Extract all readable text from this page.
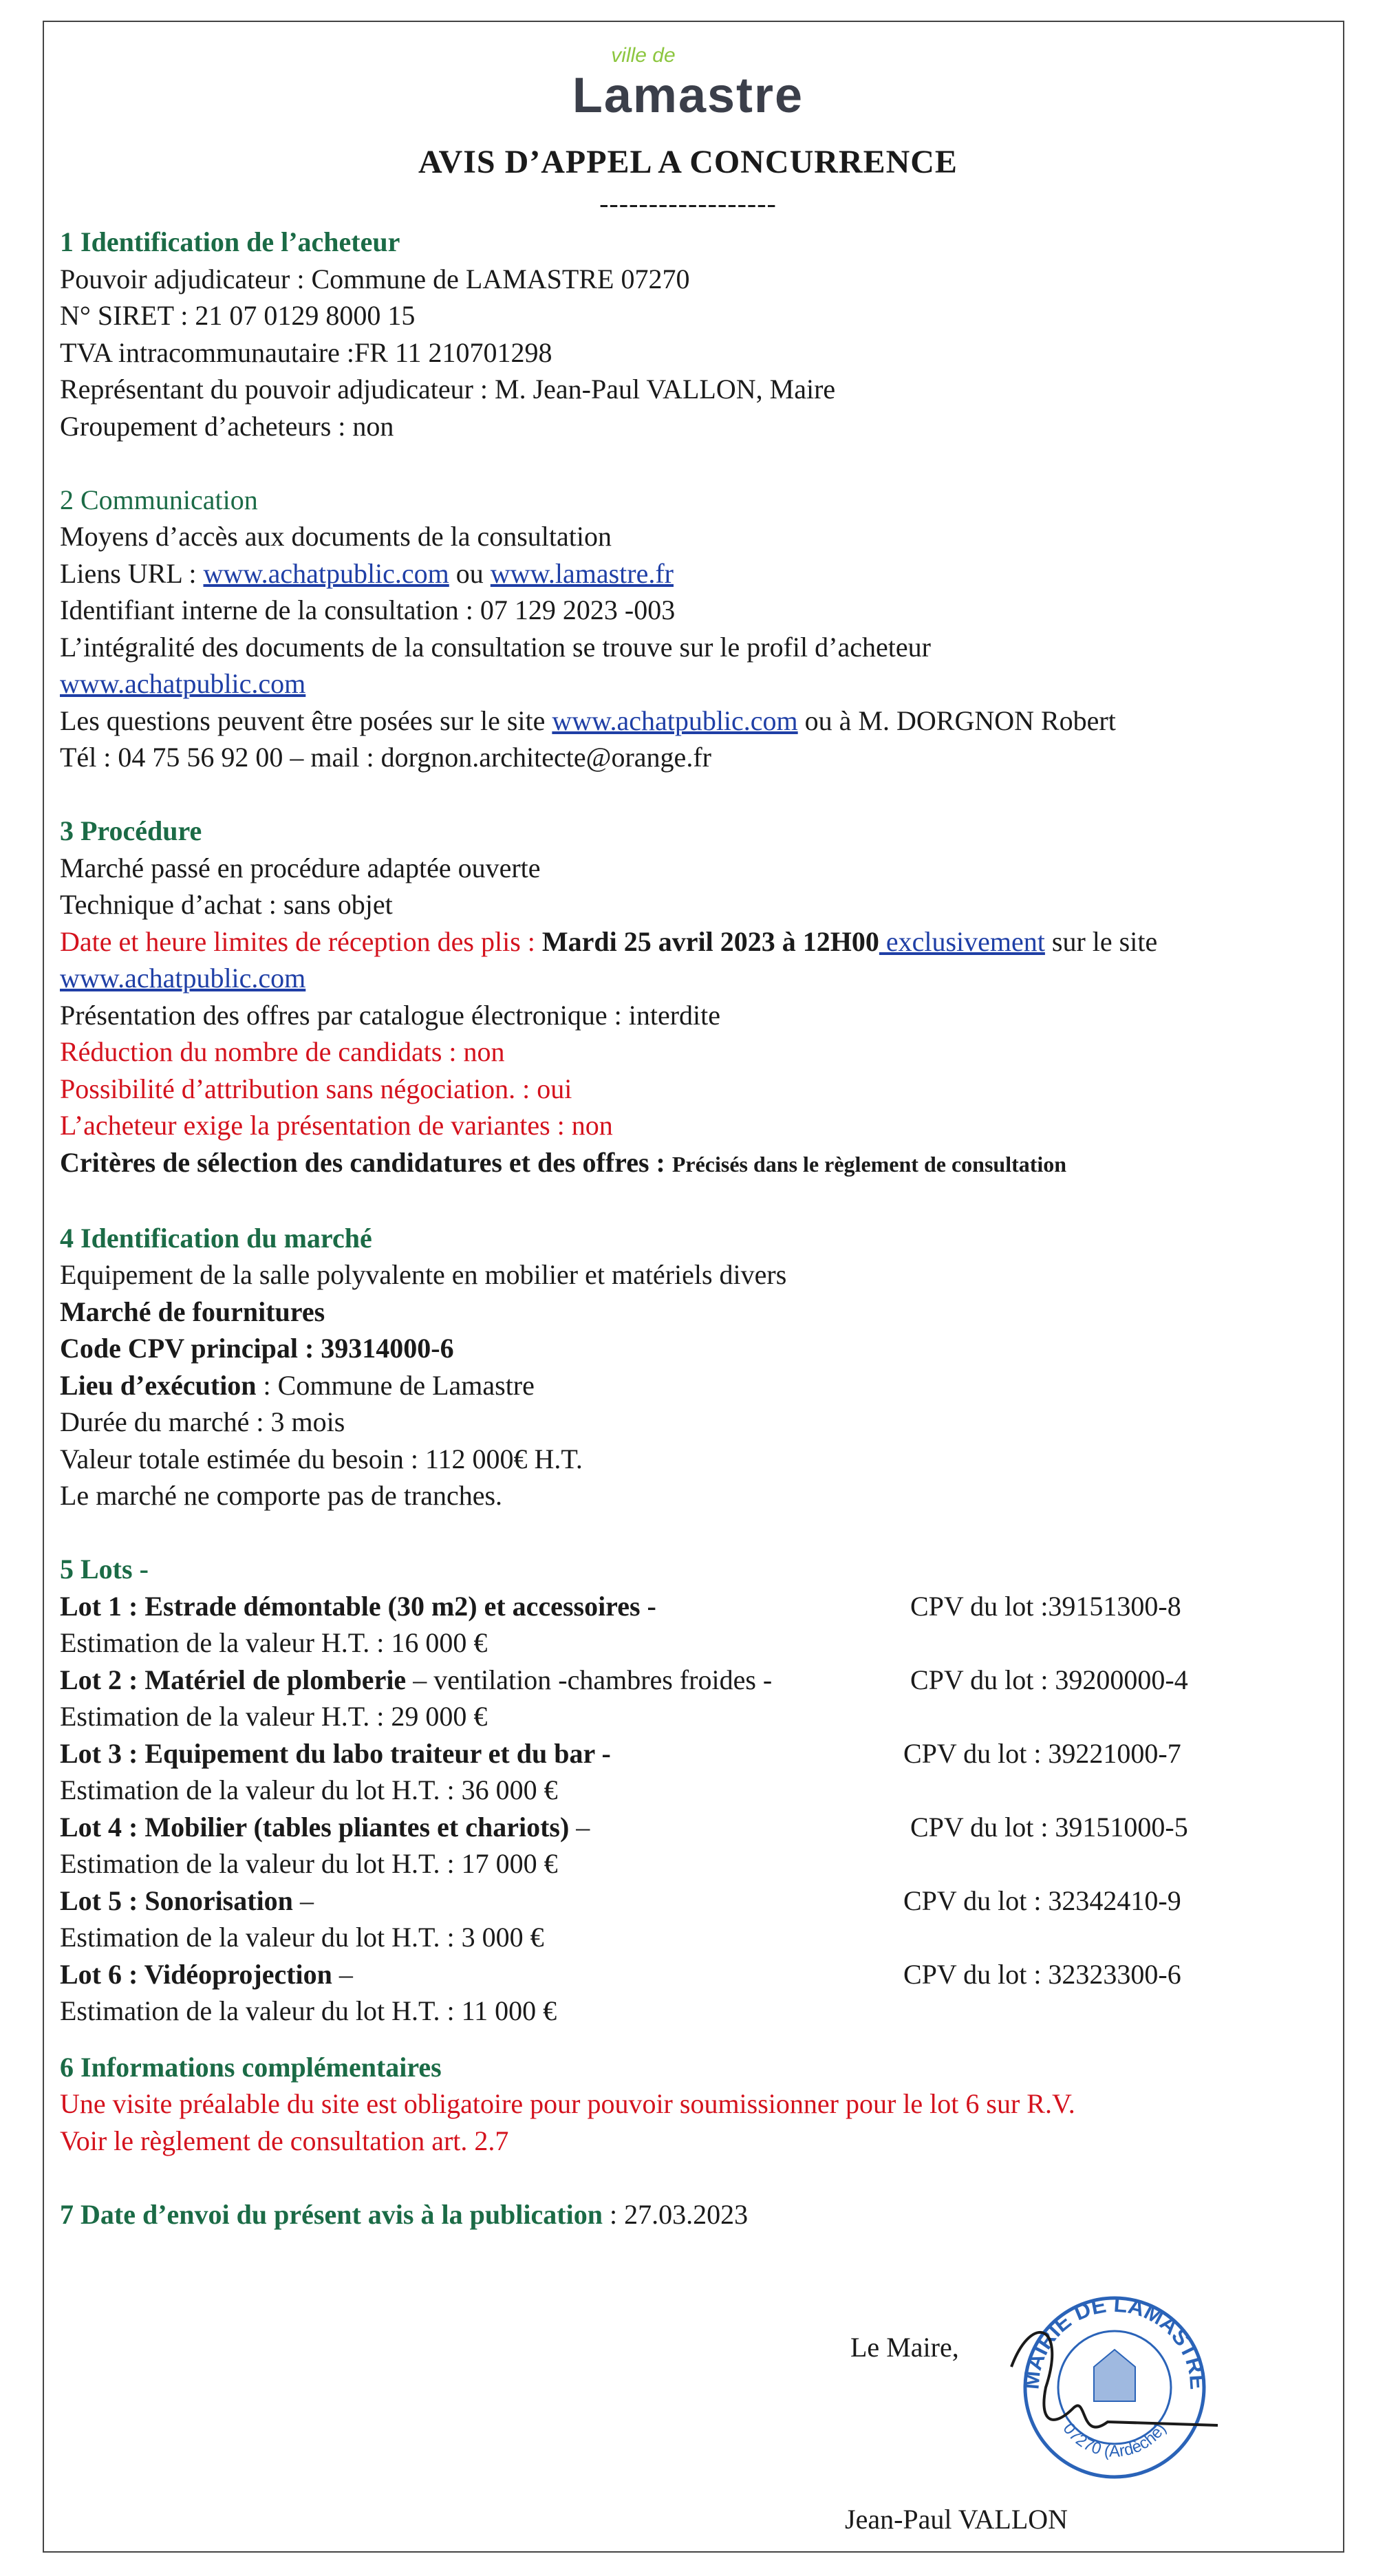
ville de
Lamastre
AVIS D’APPEL A CONCURRENCE
------------------
1 Identification de l’acheteur
Pouvoir adjudicateur : Commune de LAMASTRE 07270
N° SIRET : 21 07 0129 8000 15
TVA intracommunautaire :FR 11 210701298
Représentant du pouvoir adjudicateur : M. Jean-Paul VALLON, Maire
Groupement d’acheteurs : non
2 Communication
Moyens d’accès aux documents de la consultation
Liens URL : www.achatpublic.com ou www.lamastre.fr
Identifiant interne de la consultation : 07 129 2023 -003
L’intégralité des documents de la consultation se trouve sur le profil d’acheteur
www.achatpublic.com
Les questions peuvent être posées sur le site www.achatpublic.com ou à M. DORGNON Robert
Tél : 04 75 56 92 00 – mail : dorgnon.architecte@orange.fr
3 Procédure
Marché passé en procédure adaptée ouverte
Technique d’achat : sans objet
Date et heure limites de réception des plis : Mardi 25 avril 2023 à 12H00 exclusivement sur le site
www.achatpublic.com
Présentation des offres par catalogue électronique : interdite
Réduction du nombre de candidats : non
Possibilité d’attribution sans négociation. : oui
L’acheteur exige la présentation de variantes : non
Critères de sélection des candidatures et des offres : Précisés dans le règlement de consultation
4 Identification du marché
Equipement de la salle polyvalente en mobilier et matériels divers
Marché de fournitures
Code CPV principal : 39314000-6
Lieu d’exécution : Commune de Lamastre
Durée du marché : 3 mois
Valeur totale estimée du besoin : 112 000€ H.T.
Le marché ne comporte pas de tranches.
5 Lots -
Lot 1 : Estrade démontable (30 m2) et accessoires -	CPV du lot :39151300-8
Estimation de la valeur H.T. : 16 000 €
Lot 2 : Matériel de plomberie – ventilation -chambres froides -	CPV du lot : 39200000-4
Estimation de la valeur H.T. : 29 000 €
Lot 3 : Equipement du labo traiteur et du bar -	CPV du lot : 39221000-7
Estimation de la valeur du lot H.T. : 36 000 €
Lot 4 : Mobilier (tables pliantes et chariots) –	CPV du lot : 39151000-5
Estimation de la valeur du lot H.T. : 17 000 €
Lot 5 : Sonorisation –	CPV du lot : 32342410-9
Estimation de la valeur du lot H.T. : 3 000 €
Lot 6 : Vidéoprojection –	CPV du lot : 32323300-6
Estimation de la valeur du lot H.T. : 11 000 €
6 Informations complémentaires
Une visite préalable du site est obligatoire pour pouvoir soumissionner pour le lot 6 sur R.V.
Voir le règlement de consultation art. 2.7
7 Date d’envoi du présent avis à la publication : 27.03.2023
Le Maire,
MAIRIE DE LAMASTRE
07270 (Ardèche)
Jean-Paul VALLON
